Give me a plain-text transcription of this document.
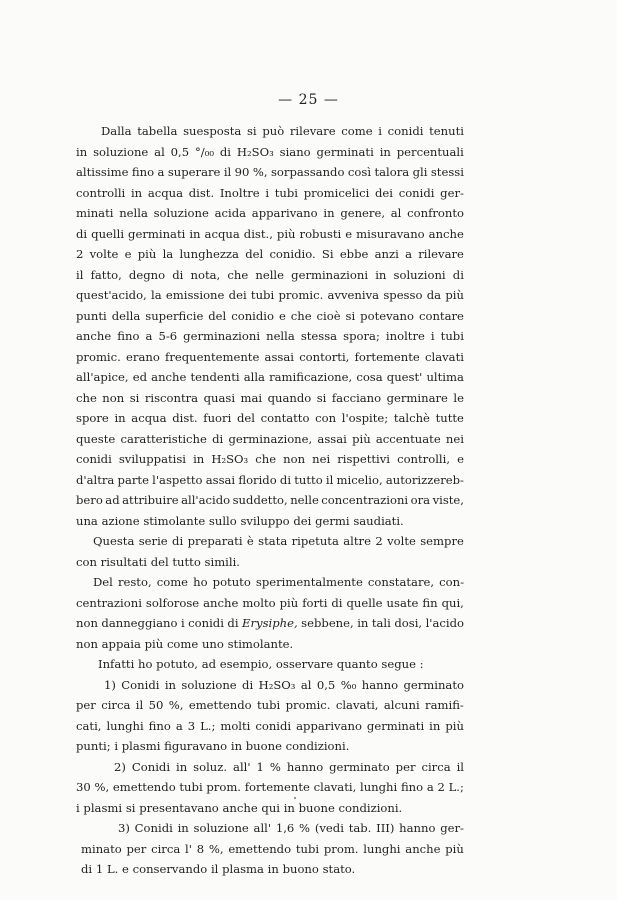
— 25 —
Dalla tabella suesposta si può rilevare come i conidi tenuti
in soluzione al 0,5 °/₀₀ di H₂SO₃ siano germinati in percentuali
altissime fino a superare il 90 %, sorpassando così talora gli stessi
controlli in acqua dist. Inoltre i tubi promicelici dei conidi ger-
minati nella soluzione acida apparivano in genere, al confronto
di quelli germinati in acqua dist., più robusti e misuravano anche
2 volte e più la lunghezza del conidio. Si ebbe anzi a rilevare
il fatto, degno di nota, che nelle germinazioni in soluzioni di
quest'acido, la emissione dei tubi promic. avveniva spesso da più
punti della superficie del conidio e che cioè si potevano contare
anche fino a 5-6 germinazioni nella stessa spora; inoltre i tubi
promic. erano frequentemente assai contorti, fortemente clavati
all'apice, ed anche tendenti alla ramificazione, cosa quest' ultima
che non si riscontra quasi mai quando si facciano germinare le
spore in acqua dist. fuori del contatto con l'ospite; talchè tutte
queste caratteristiche di germinazione, assai più accentuate nei
conidi sviluppatisi in H₂SO₃ che non nei rispettivi controlli, e
d'altra parte l'aspetto assai florido di tutto il micelio, autorizzereb-
bero ad attribuire all'acido suddetto, nelle concentrazioni ora viste,
una azione stimolante sullo sviluppo dei germi saudiati.
Questa serie di preparati è stata ripetuta altre 2 volte sempre
con risultati del tutto simili.
Del resto, come ho potuto sperimentalmente constatare, con-
centrazioni solforose anche molto più forti di quelle usate fin qui,
non danneggiano i conidi di Erysiphe, sebbene, in tali dosi, l'acido
non appaia più come uno stimolante.
Infatti ho potuto, ad esempio, osservare quanto segue :
1) Conidi in soluzione di H₂SO₃ al 0,5 %₀ hanno germinato
per circa il 50 %, emettendo tubi promic. clavati, alcuni ramifi-
cati, lunghi fino a 3 L.; molti conidi apparivano germinati in più
punti; i plasmi figuravano in buone condizioni.
2) Conidi in soluz. all' 1 % hanno germinato per circa il
30 %, emettendo tubi prom. fortemente clavati, lunghi fino a 2 L.;
i plasmi si presentavano anche qui in buone condizioni.
3) Conidi in soluzione all' 1,6 % (vedi tab. III) hanno ger-
minato per circa l' 8 %, emettendo tubi prom. lunghi anche più
di 1 L. e conservando il plasma in buono stato.
